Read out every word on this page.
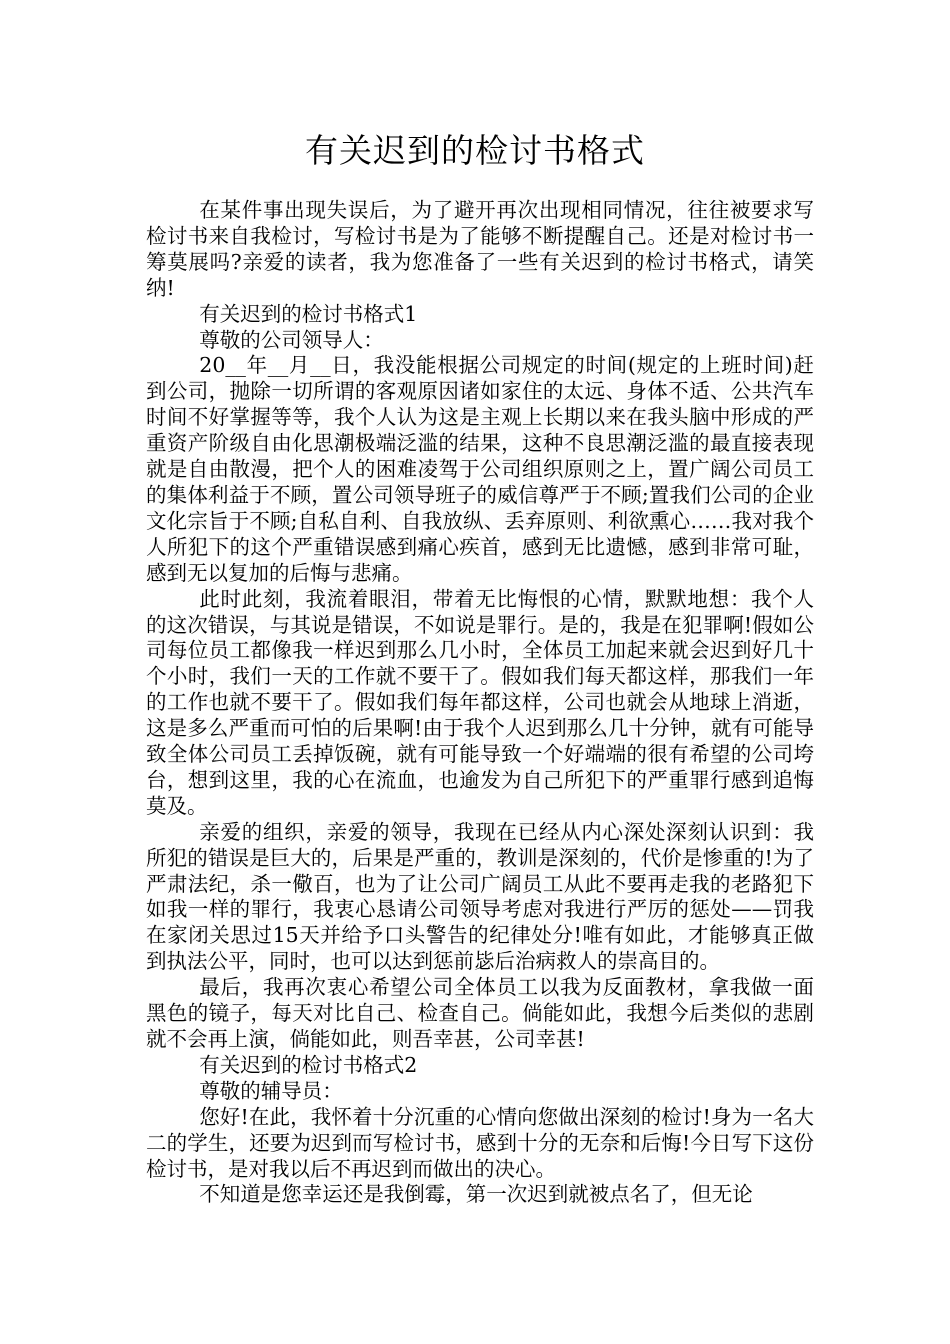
有关迟到的检讨书格式

在某件事出现失误后，为了避开再次出现相同情况，往往被要求写检讨书来自我检讨，写检讨书是为了能够不断提醒自己。还是对检讨书一筹莫展吗?亲爱的读者，我为您准备了一些有关迟到的检讨书格式，请笑纳!

有关迟到的检讨书格式1

尊敬的公司领导人：

20__年__月__日，我没能根据公司规定的时间(规定的上班时间)赶到公司，抛除一切所谓的客观原因诸如家住的太远、身体不适、公共汽车时间不好掌握等等，我个人认为这是主观上长期以来在我头脑中形成的严重资产阶级自由化思潮极端泛滥的结果，这种不良思潮泛滥的最直接表现就是自由散漫，把个人的困难凌驾于公司组织原则之上，置广阔公司员工的集体利益于不顾，置公司领导班子的威信尊严于不顾;置我们公司的企业文化宗旨于不顾;自私自利、自我放纵、丢弃原则、利欲熏心……我对我个人所犯下的这个严重错误感到痛心疾首，感到无比遗憾，感到非常可耻，感到无以复加的后悔与悲痛。

此时此刻，我流着眼泪，带着无比悔恨的心情，默默地想：我个人的这次错误，与其说是错误，不如说是罪行。是的，我是在犯罪啊!假如公司每位员工都像我一样迟到那么几小时，全体员工加起来就会迟到好几十个小时，我们一天的工作就不要干了。假如我们每天都这样，那我们一年的工作也就不要干了。假如我们每年都这样，公司也就会从地球上消逝，这是多么严重而可怕的后果啊!由于我个人迟到那么几十分钟，就有可能导致全体公司员工丢掉饭碗，就有可能导致一个好端端的很有希望的公司垮台，想到这里，我的心在流血，也逾发为自己所犯下的严重罪行感到追悔莫及。

亲爱的组织，亲爱的领导，我现在已经从内心深处深刻认识到：我所犯的错误是巨大的，后果是严重的，教训是深刻的，代价是惨重的!为了严肃法纪，杀一儆百，也为了让公司广阔员工从此不要再走我的老路犯下如我一样的罪行，我衷心恳请公司领导考虑对我进行严厉的惩处——罚我在家闭关思过15天并给予口头警告的纪律处分!唯有如此，才能够真正做到执法公平，同时，也可以达到惩前毖后治病救人的崇高目的。

最后，我再次衷心希望公司全体员工以我为反面教材，拿我做一面黑色的镜子，每天对比自己、检查自己。倘能如此，我想今后类似的悲剧就不会再上演，倘能如此，则吾幸甚，公司幸甚!

有关迟到的检讨书格式2

尊敬的辅导员：

您好!在此，我怀着十分沉重的心情向您做出深刻的检讨!身为一名大二的学生，还要为迟到而写检讨书，感到十分的无奈和后悔!今日写下这份检讨书，是对我以后不再迟到而做出的决心。

不知道是您幸运还是我倒霉，第一次迟到就被点名了，但无论
